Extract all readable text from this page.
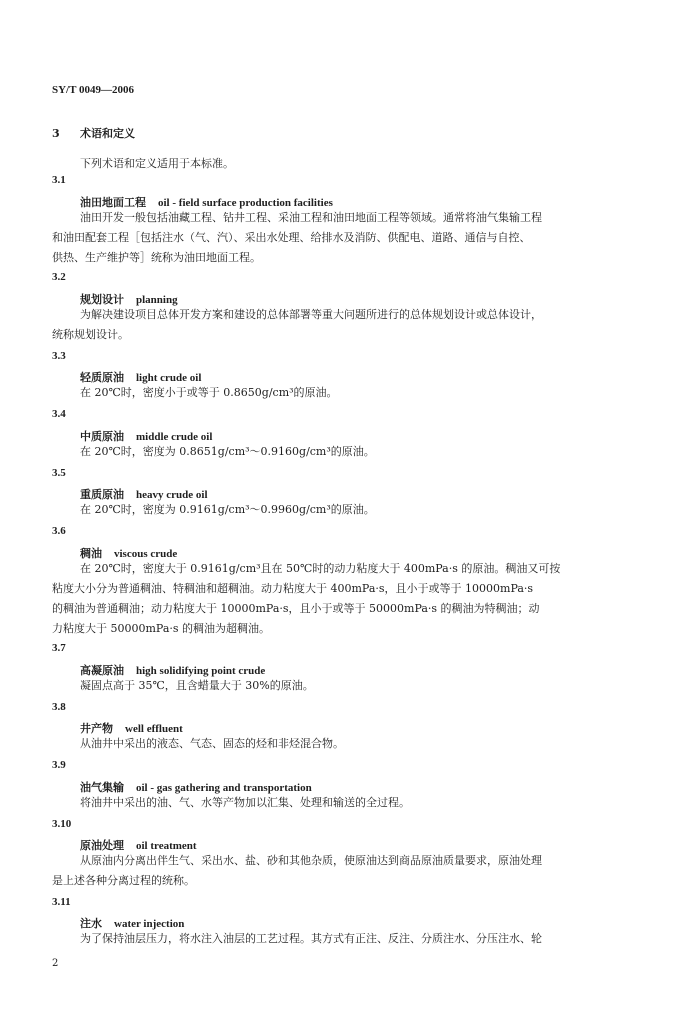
SY/T 0049—2006
3 术语和定义
下列术语和定义适用于本标准。
3.1
油田地面工程 oil - field surface production facilities
油田开发一般包括油藏工程、钻井工程、采油工程和油田地面工程等领域。通常将油气集输工程
和油田配套工程［包括注水（气、汽）、采出水处理、给排水及消防、供配电、道路、通信与自控、
供热、生产维护等］统称为油田地面工程。
3.2
规划设计 planning
为解决建设项目总体开发方案和建设的总体部署等重大问题所进行的总体规划设计或总体设计，
统称规划设计。
3.3
轻质原油 light crude oil
在 20℃时，密度小于或等于 0.8650g/cm³的原油。
3.4
中质原油 middle crude oil
在 20℃时，密度为 0.8651g/cm³～0.9160g/cm³的原油。
3.5
重质原油 heavy crude oil
在 20℃时，密度为 0.9161g/cm³～0.9960g/cm³的原油。
3.6
稠油 viscous crude
在 20℃时，密度大于 0.9161g/cm³且在 50℃时的动力粘度大于 400mPa·s 的原油。稠油又可按
粘度大小分为普通稠油、特稠油和超稠油。动力粘度大于 400mPa·s，且小于或等于 10000mPa·s
的稠油为普通稠油；动力粘度大于 10000mPa·s，且小于或等于 50000mPa·s 的稠油为特稠油；动
力粘度大于 50000mPa·s 的稠油为超稠油。
3.7
高凝原油 high solidifying point crude
凝固点高于 35℃，且含蜡量大于 30%的原油。
3.8
井产物 well effluent
从油井中采出的液态、气态、固态的烃和非烃混合物。
3.9
油气集输 oil - gas gathering and transportation
将油井中采出的油、气、水等产物加以汇集、处理和输送的全过程。
3.10
原油处理 oil treatment
从原油内分离出伴生气、采出水、盐、砂和其他杂质，使原油达到商品原油质量要求，原油处理
是上述各种分离过程的统称。
3.11
注水 water injection
为了保持油层压力，将水注入油层的工艺过程。其方式有正注、反注、分质注水、分压注水、轮
2
